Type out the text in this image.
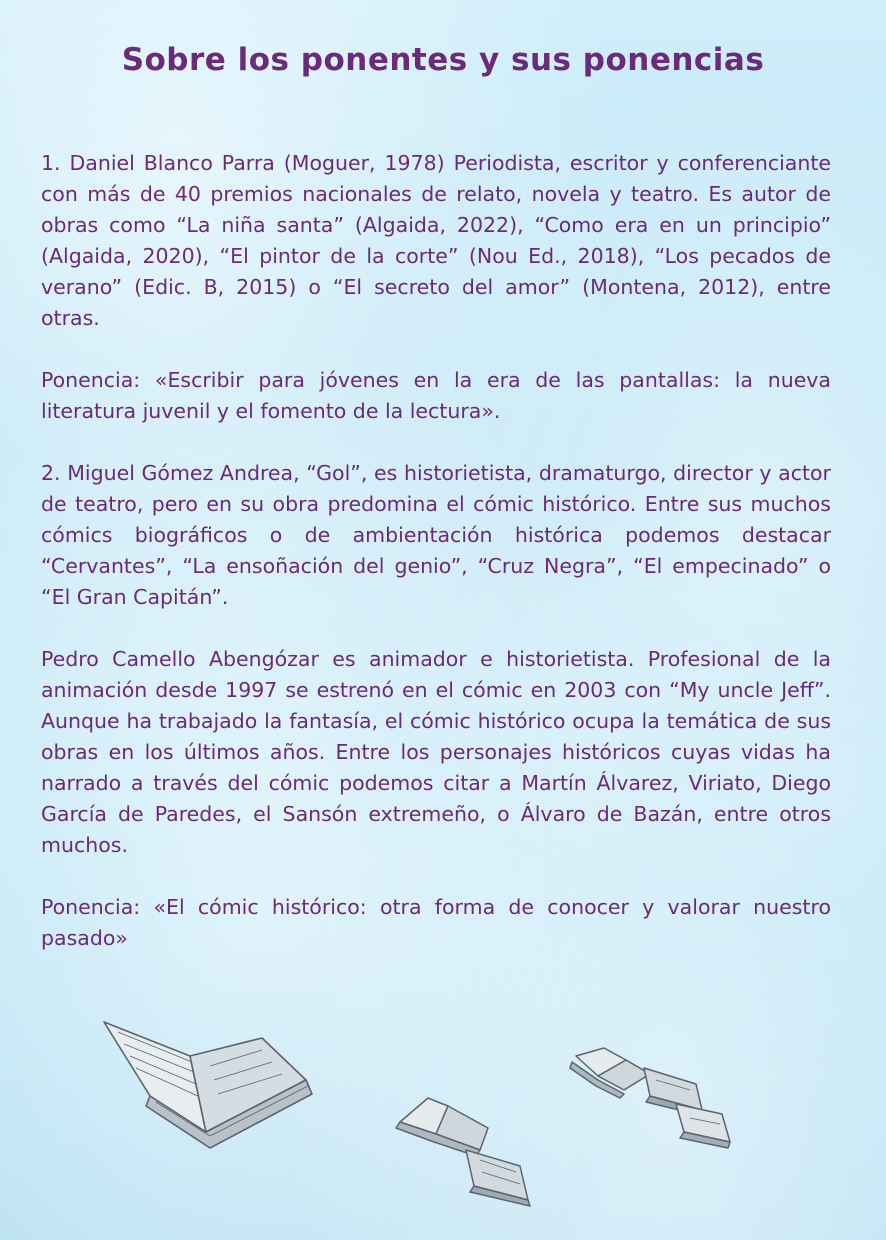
Sobre los ponentes y sus ponencias

1. Daniel Blanco Parra (Moguer, 1978) Periodista, escritor y conferenciante con más de 40 premios nacionales de relato, novela y teatro. Es autor de obras como “La niña santa” (Algaida, 2022), “Como era en un principio” (Algaida, 2020), “El pintor de la corte” (Nou Ed., 2018), “Los pecados de verano” (Edic. B, 2015) o “El secreto del amor” (Montena, 2012), entre otras.

Ponencia: «Escribir para jóvenes en la era de las pantallas: la nueva literatura juvenil y el fomento de la lectura».

2. Miguel Gómez Andrea, “Gol”, es historietista, dramaturgo, director y actor de teatro, pero en su obra predomina el cómic histórico. Entre sus muchos cómics biográficos o de ambientación histórica podemos destacar “Cervantes”, “La ensoñación del genio”, “Cruz Negra”, “El empecinado” o “El Gran Capitán”.

Pedro Camello Abengózar es animador e historietista. Profesional de la animación desde 1997 se estrenó en el cómic en 2003 con “My uncle Jeff”. Aunque ha trabajado la fantasía, el cómic histórico ocupa la temática de sus obras en los últimos años. Entre los personajes históricos cuyas vidas ha narrado a través del cómic podemos citar a Martín Álvarez, Viriato, Diego García de Paredes, el Sansón extremeño, o Álvaro de Bazán, entre otros muchos.

Ponencia: «El cómic histórico: otra forma de conocer y valorar nuestro pasado»
